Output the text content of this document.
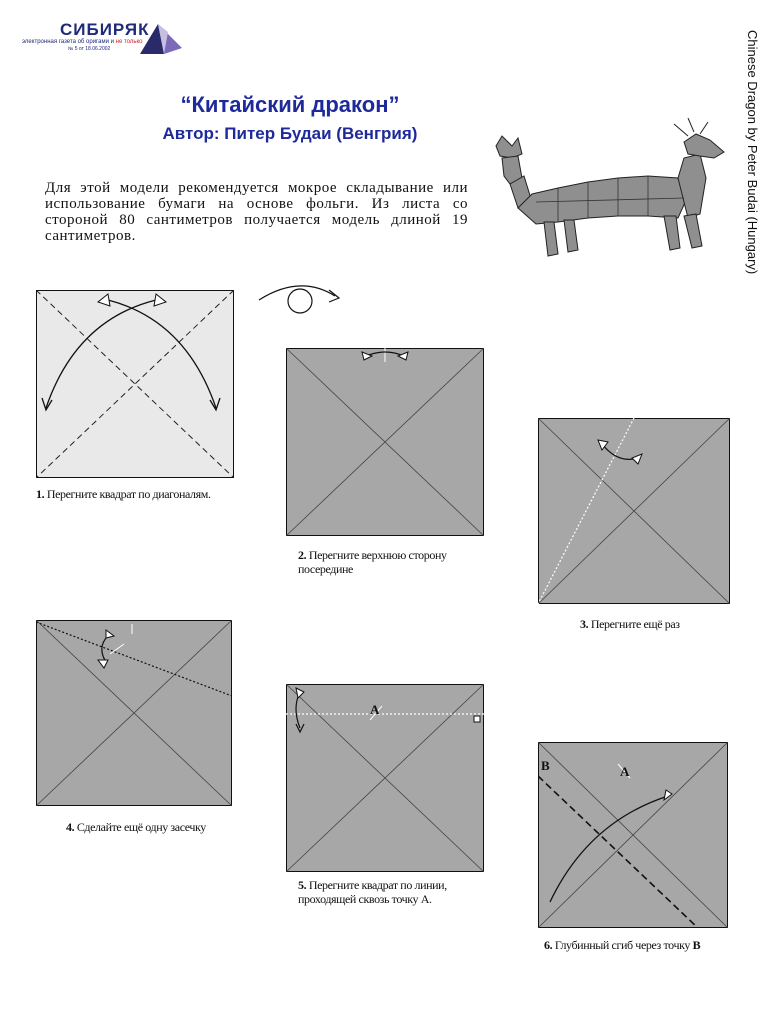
СИБИРЯК
электронная газета об оригами и не только
№ 5 от 18.06.2002
“Китайский дракон”
Автор: Питер Будаи (Венгрия)
Для этой модели рекомендуется мокрое складывание или использование бумаги на основе фольги. Из листа со стороной 80 сантиметров получается модель длиной 19 сантиметров.	Chinese Dragon by Peter Budai (Hungary)
1. Перегните квадрат по диагоналям.
2. Перегните верхнюю сторону посередине
3. Перегните ещё раз
4. Сделайте ещё одну засечку
A
5. Перегните квадрат по линии, проходящей сквозь точку А.
A
B
6. Глубинный сгиб через точку В
